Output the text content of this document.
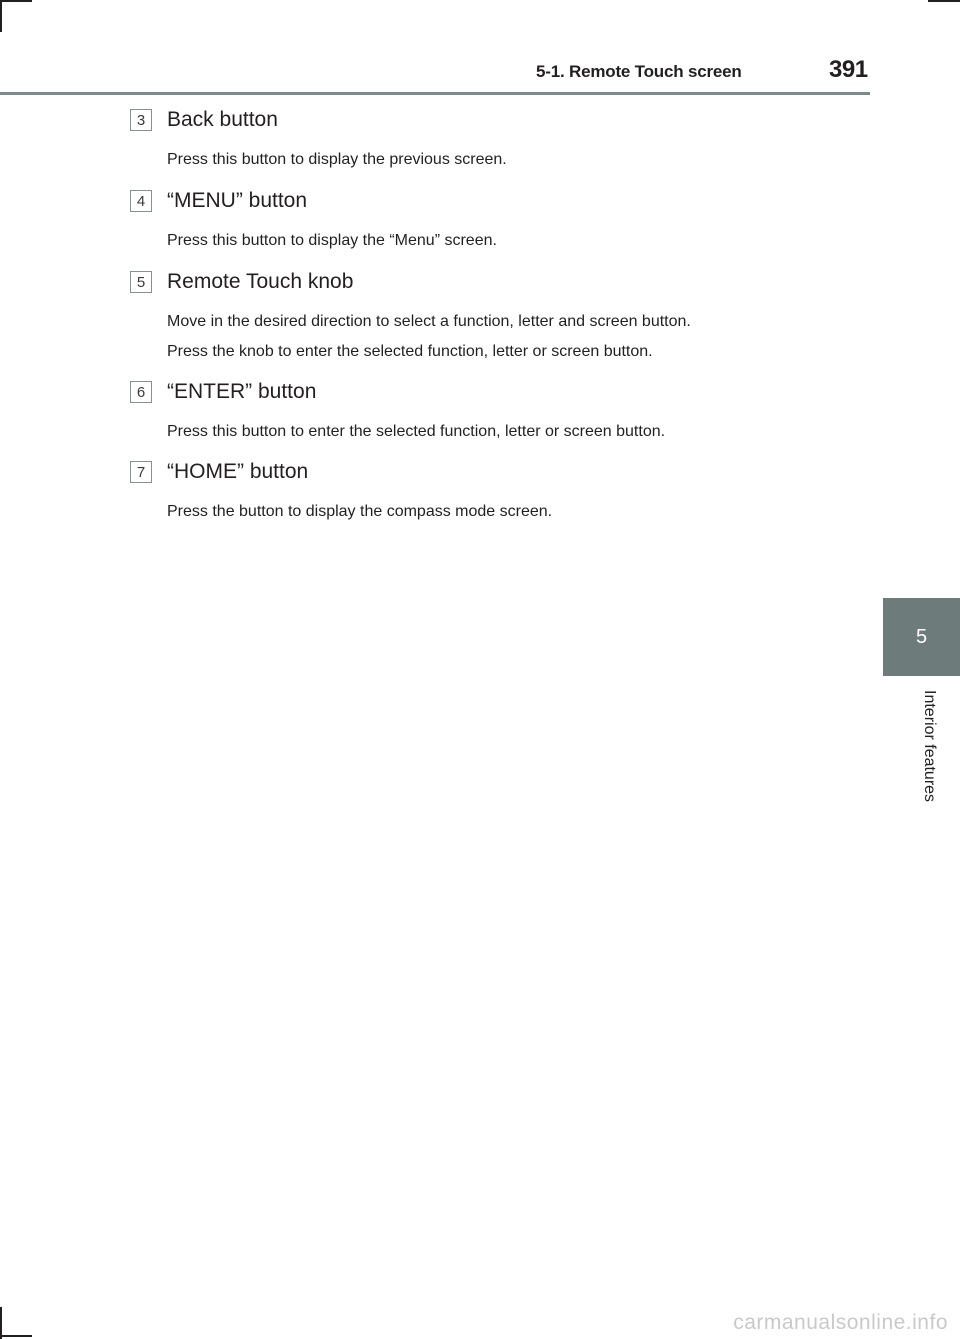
5-1. Remote Touch screen	391
5
Interior features
3	Back button
Press this button to display the previous screen.
4	“MENU” button
Press this button to display the “Menu” screen.
5	Remote Touch knob
Move in the desired direction to select a function, letter and screen button.
Press the knob to enter the selected function, letter or screen button.
6	“ENTER” button
Press this button to enter the selected function, letter or screen button.
7	“HOME” button
Press the button to display the compass mode screen.
carmanualsonline.info
